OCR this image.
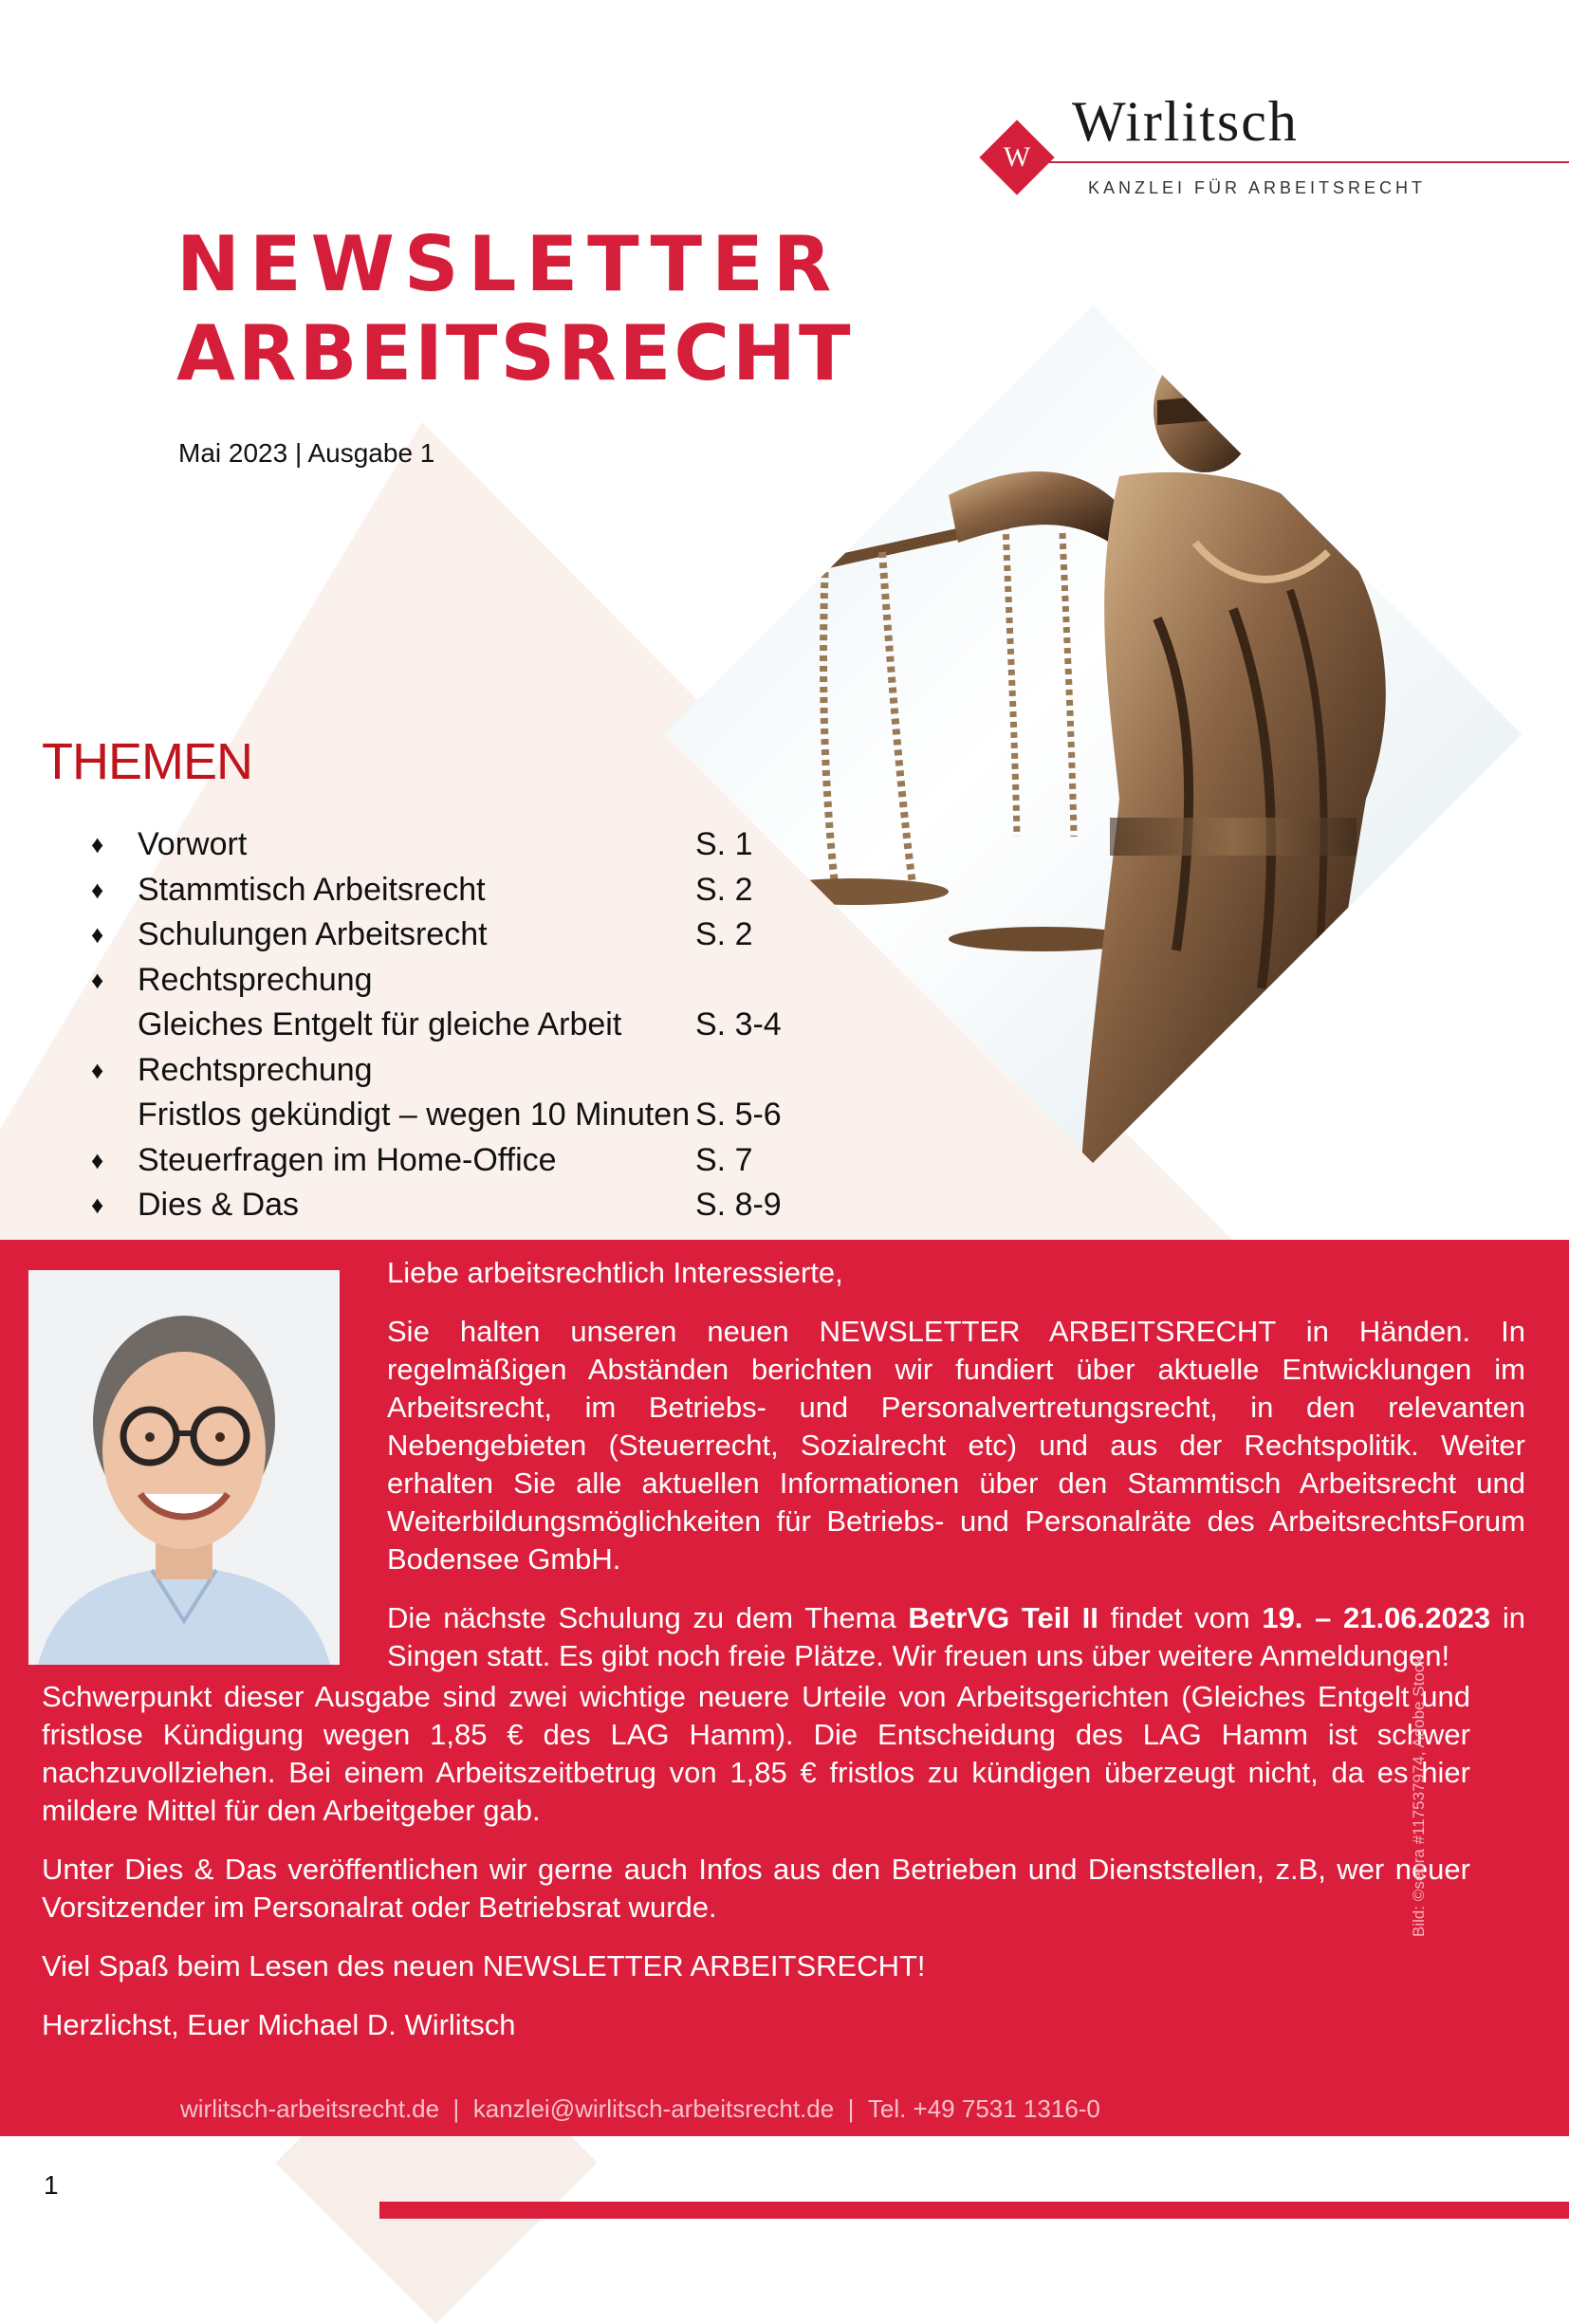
W
Wirlitsch
KANZLEI FÜR ARBEITSRECHT
NEWSLETTER
ARBEITSRECHT
Mai 2023 | Ausgabe 1
THEMEN
♦ Vorwort	S. 1
♦ Stammtisch Arbeitsrecht	S. 2
♦ Schulungen Arbeitsrecht	S. 2
♦ Rechtsprechung
Gleiches Entgelt für gleiche Arbeit S. 3-4
♦ Rechtsprechung
Fristlos gekündigt – wegen 10 Minuten S. 5-6
♦ Steuerfragen im Home-Office	S. 7
♦ Dies & Das	S. 8-9

Liebe arbeitsrechtlich Interessierte,

Sie halten unseren neuen NEWSLETTER ARBEITSRECHT in Händen. In regelmäßigen Abständen berichten wir fundiert über aktuelle Entwicklungen im Arbeitsrecht, im Betriebs- und Personalvertretungsrecht, in den relevanten Nebengebieten (Steuerrecht, Sozialrecht etc) und aus der Rechtspolitik. Weiter erhalten Sie alle aktuellen Informationen über den Stammtisch Arbeitsrecht und Weiterbildungsmöglichkeiten für Betriebs- und Personalräte des ArbeitsrechtsForum Bodensee GmbH.

Die nächste Schulung zu dem Thema BetrVG Teil II findet vom 19. – 21.06.2023 in Singen statt. Es gibt noch freie Plätze. Wir freuen uns über weitere Anmeldungen!

Schwerpunkt dieser Ausgabe sind zwei wichtige neuere Urteile von Arbeitsgerichten (Gleiches Entgelt und fristlose Kündigung wegen 1,85 € des LAG Hamm). Die Entscheidung des LAG Hamm ist schwer nachzuvollziehen. Bei einem Arbeitszeitbetrug von 1,85 € fristlos zu kündigen überzeugt nicht, da es hier mildere Mittel für den Arbeitgeber gab.

Unter Dies & Das veröffentlichen wir gerne auch Infos aus den Betrieben und Dienststellen, z.B, wer neuer Vorsitzender im Personalrat oder Betriebsrat wurde.

Viel Spaß beim Lesen des neuen NEWSLETTER ARBEITSRECHT!

Herzlichst, Euer Michael D. Wirlitsch

Bild: ©sebra #117537974, Adobe Stock
wirlitsch-arbeitsrecht.de | kanzlei@wirlitsch-arbeitsrecht.de | Tel. +49 7531 1316-0
1
